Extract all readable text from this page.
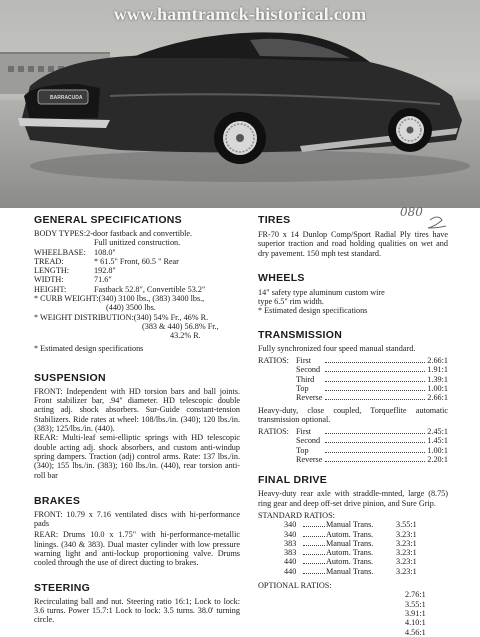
BARRACUDA
www.hamtramck-historical.com
080
GENERAL SPECIFICATIONS
BODY TYPES: 2-door fastback and convertible.
Full unitized construction.
WHEELBASE: 108.0"
TREAD:	* 61.5" Front, 60.5 " Rear
LENGTH:	192.8"
WIDTH:	71.6"
HEIGHT:	Fastback 52.8", Convertible 53.2"
* CURB WEIGHT: (340) 3100 lbs., (383) 3400 lbs.,
(440) 3500 lbs.
* WEIGHT DISTRIBUTION: (340) 54% Fr., 46% R.
(383 & 440) 56.8% Fr.,
43.2% R.
* Estimated design specifications
SUSPENSION

FRONT: Independent with HD torsion bars and ball joints. Front stabilizer bar, .94" diameter. HD telescopic double acting adj. shock absorbers. Sur-Guide constant-tension Stabilizers. Ride rates at wheel: 108/lbs./in. (340); 120 lbs./in. (383); 125/lbs./in. (440).

REAR: Multi-leaf semi-elliptic springs with HD telescopic double acting adj. shock absorbers, and custom anti-windup spring dampers. Traction (adj) control arms. Rate: 137 lbs./in. (340); 155 lbs./in. (383); 160 lbs./in. (440), rear torsion anti-roll bar

BRAKES

FRONT: 10.79 x 7.16 ventilated discs with hi-performance pads

REAR: Drums 10.0 x 1.75" with hi-performance-metallic linings. (340 & 383). Dual master cylinder with low pressure warning light and anti-lockup proportioning valve. Drums cooled through the use of direct ducting to brakes.

STEERING

Recirculating ball and nut. Steering ratio 16:1; Lock to lock: 3.6 turns. Power 15.7:1 Lock to lock: 3.5 turns. 38.0' turning circle.

TIRES

FR-70 x 14 Dunlop Comp/Sport Radial Ply tires have superior traction and road holding qualities on wet and dry pavement. 150 mph test standard.

WHEELS
14" safety type aluminum custom wire
type 6.5" rim width.
* Estimated design specifications
TRANSMISSION

Fully synchronized four speed manual standard.

RATIOS: First	2.66:1
Second	1.91:1
Third	1.39:1
Top	1.00:1
Reverse	2.66:1

Heavy-duty, close coupled, Torqueflite automatic transmission optional.

RATIOS: First	2.45:1
Second	1.45:1
Top	1.00:1
Reverse	2.20:1
FINAL DRIVE

Heavy-duty rear axle with straddle-mnted, large (8.75) ring gear and deep off-set drive pinion, and Sure Grip.

STANDARD RATIOS:
340	Manual Trans.	3.55:1
340	Autom. Trans.	3.23:1
383	Manual Trans.	3.23:1
383	Autom. Trans.	3.23:1
440	Autom. Trans.	3.23:1
440	Manual Trans.	3.23:1
OPTIONAL RATIOS:
2.76:1
3.55:1
3.91:1
4.10:1
4.56:1
